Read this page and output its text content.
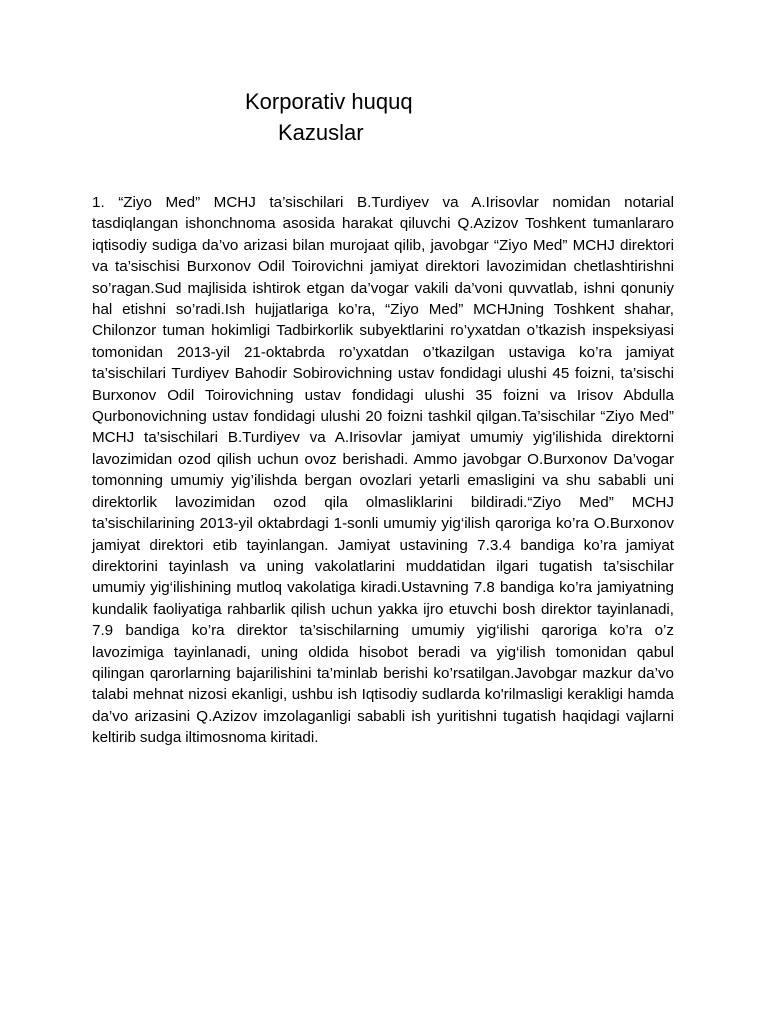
Korporativ huquq
Kazuslar

1. “Ziyo Med” MCHJ ta’sischilari B.Turdiyev va A.Irisovlar nomidan notarial tasdiqlangan ishonchnoma asosida harakat qiluvchi Q.Azizov Toshkent tumanlararo iqtisodiy sudiga da’vo arizasi bilan murojaat qilib, javobgar “Ziyo Med” MCHJ direktori va ta’sischisi Burxonov Odil Toirovichni jamiyat direktori lavozimidan chetlashtirishni so’ragan.Sud majlisida ishtirok etgan da’vogar vakili da’voni quvvatlab, ishni qonuniy hal etishni so’radi.Ish hujjatlariga ko’ra, “Ziyo Med” MCHJning Toshkent shahar, Chilonzor tuman hokimligi Tadbirkorlik subyektlarini ro’yxatdan o’tkazish inspeksiyasi tomonidan 2013-yil 21-oktabrda ro’yxatdan o’tkazilgan ustaviga ko’ra jamiyat ta’sischilari Turdiyev Bahodir Sobirovichning ustav fondidagi ulushi 45 foizni, ta’sischi Burxonov Odil Toirovichning ustav fondidagi ulushi 35 foizni va Irisov Abdulla Qurbonovichning ustav fondidagi ulushi 20 foizni tashkil qilgan.Ta’sischilar “Ziyo Med” MCHJ ta’sischilari B.Turdiyev va A.Irisovlar jamiyat umumiy yig'ilishida direktorni lavozimidan ozod qilish uchun ovoz berishadi. Ammo javobgar O.Burxonov Da’vogar tomonning umumiy yig’ilishda bergan ovozlari yetarli emasligini va shu sababli uni direktorlik lavozimidan ozod qila olmasliklarini bildiradi.“Ziyo Med” MCHJ ta’sischilarining 2013-yil oktabrdagi 1-sonli umumiy yig‘ilish qaroriga ko’ra O.Burxonov jamiyat direktori etib tayinlangan. Jamiyat ustavining 7.3.4 bandiga ko’ra jamiyat direktorini tayinlash va uning vakolatlarini muddatidan ilgari tugatish ta’sischilar umumiy yig‘ilishining mutloq vakolatiga kiradi.Ustavning 7.8 bandiga ko’ra jamiyatning kundalik faoliyatiga rahbarlik qilish uchun yakka ijro etuvchi bosh direktor tayinlanadi, 7.9 bandiga ko’ra direktor ta’sischilarning umumiy yig‘ilishi qaroriga ko’ra o’z lavozimiga tayinlanadi, uning oldida hisobot beradi va yig‘ilish tomonidan qabul qilingan qarorlarning bajarilishini ta’minlab berishi ko’rsatilgan.Javobgar mazkur da’vo talabi mehnat nizosi ekanligi, ushbu ish Iqtisodiy sudlarda ko'rilmasligi kerakligi hamda da’vo arizasini Q.Azizov imzolaganligi sababli ish yuritishni tugatish haqidagi vajlarni keltirib sudga iltimosnoma kiritadi.
